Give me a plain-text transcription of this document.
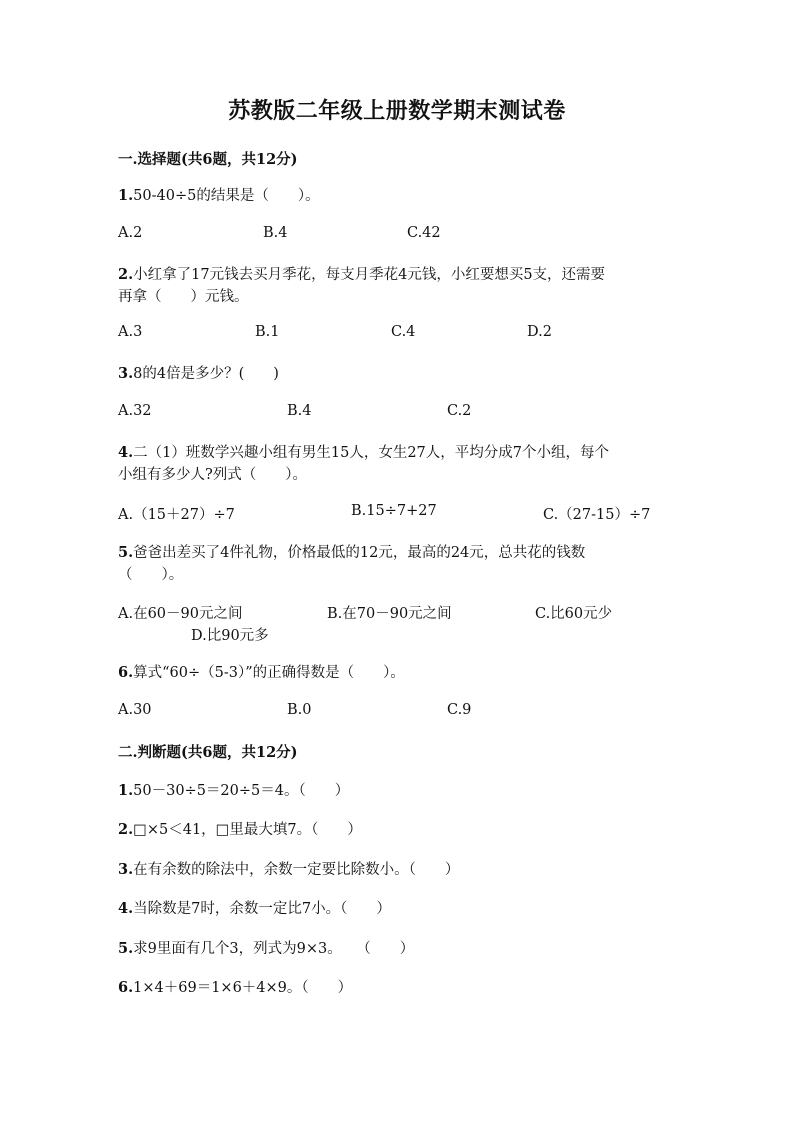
苏教版二年级上册数学期末测试卷
一.选择题(共6题，共12分)
1.50-40÷5的结果是（　　）。
A.2	B.4	C.42
2.小红拿了17元钱去买月季花，每支月季花4元钱，小红要想买5支，还需要
再拿（　　）元钱。
A.3	B.1	C.4	D.2
3.8的4倍是多少？(　　)
A.32	B.4	C.2
4.二（1）班数学兴趣小组有男生15人，女生27人，平均分成7个小组，每个
小组有多少人?列式（　　）。
A.（15＋27）÷7	B.15÷7+27	C.（27-15）÷7
5.爸爸出差买了4件礼物，价格最低的12元，最高的24元，总共花的钱数
（　　）。
A.在60－90元之间	B.在70－90元之间	C.比60元少
D.比90元多
6.算式“60÷（5-3）”的正确得数是（　　）。
A.30	B.0	C.9
二.判断题(共6题，共12分)
1.50－30÷5＝20÷5＝4。（　　）
2.□×5＜41，□里最大填7。（　　）
3.在有余数的除法中，余数一定要比除数小。（　　）
4.当除数是7时，余数一定比7小。（　　）
5.求9里面有几个3，列式为9×3。　　（　　）
6.1×4＋69＝1×6＋4×9。（　　）
